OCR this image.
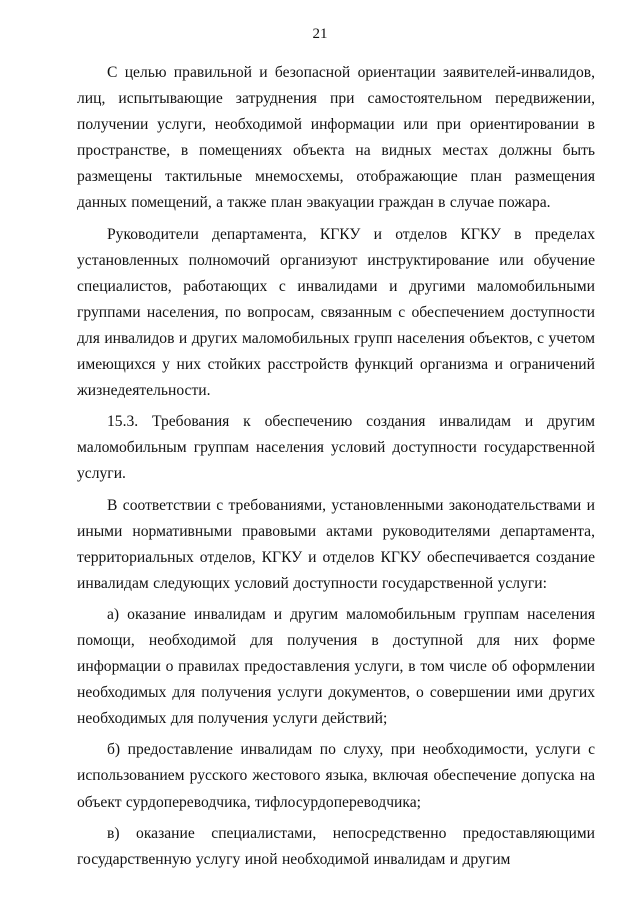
21

С целью правильной и безопасной ориентации заявителей-инвалидов, лиц, испытывающие затруднения при самостоятельном передвижении, получении услуги, необходимой информации или при ориентировании в пространстве, в помещениях объекта на видных местах должны быть размещены тактильные мнемосхемы, отображающие план размещения данных помещений, а также план эвакуации граждан в случае пожара.

Руководители департамента, КГКУ и отделов КГКУ в пределах установленных полномочий организуют инструктирование или обучение специалистов, работающих с инвалидами и другими маломобильными группами населения, по вопросам, связанным с обеспечением доступности для инвалидов и других маломобильных групп населения объектов, с учетом имеющихся у них стойких расстройств функций организма и ограничений жизнедеятельности.

15.3. Требования к обеспечению создания инвалидам и другим маломобильным группам населения условий доступности государственной услуги.

В соответствии с требованиями, установленными законодательствами и иными нормативными правовыми актами руководителями департамента, территориальных отделов, КГКУ и отделов КГКУ обеспечивается создание инвалидам следующих условий доступности государственной услуги:

а) оказание инвалидам и другим маломобильным группам населения помощи, необходимой для получения в доступной для них форме информации о правилах предоставления услуги, в том числе об оформлении необходимых для получения услуги документов, о совершении ими других необходимых для получения услуги действий;

б) предоставление инвалидам по слуху, при необходимости, услуги с использованием русского жестового языка, включая обеспечение допуска на объект сурдопереводчика, тифлосурдопереводчика;

в) оказание специалистами, непосредственно предоставляющими государственную услугу иной необходимой инвалидам и другим
